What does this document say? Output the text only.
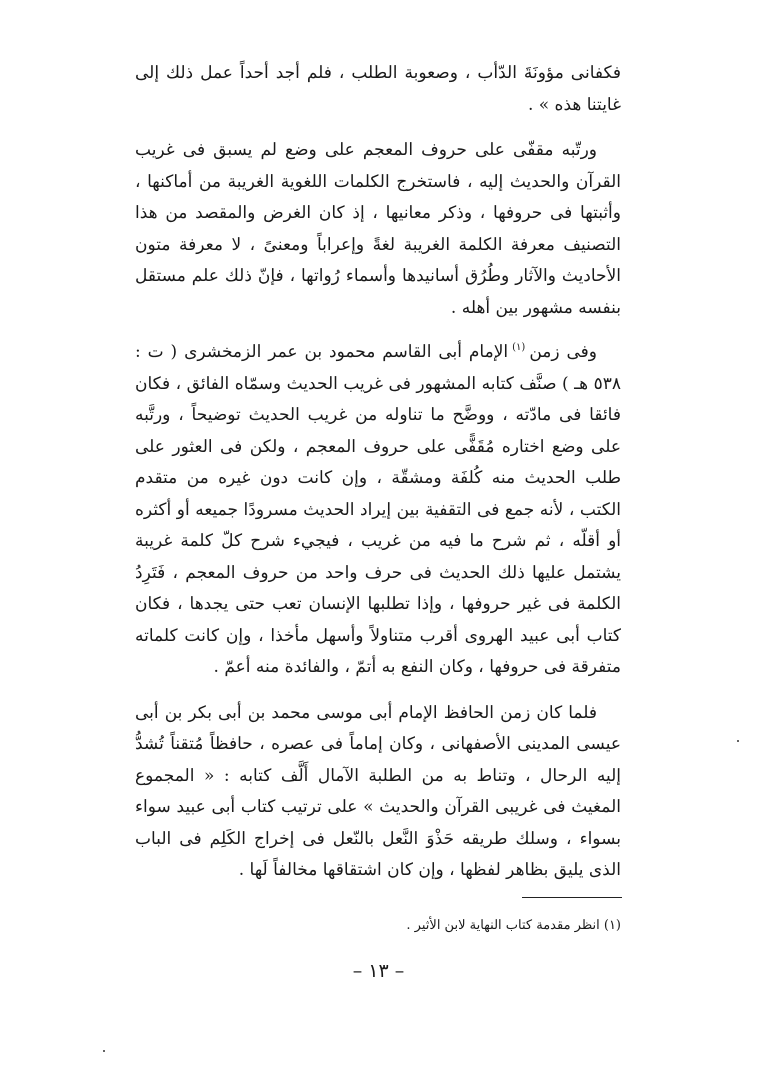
فكفانى مؤونَةَ الدّأب ، وصعوبة الطلب ، فلم أجد أحداً عمل ذلك إلى غايتنا هذه » .

ورتّبه مقفّى على حروف المعجم على وضع لم يسبق فى غريب القرآن والحديث إليه ، فاستخرج الكلمات اللغوية الغريبة من أماكنها ، وأثبتها فى حروفها ، وذكر معانيها ، إذ كان الغرض والمقصد من هذا التصنيف معرفة الكلمة الغريبة لغةً وإعراباً ومعنىً ، لا معرفة متون الأحاديث والآثار وطُرُق أسانيدها وأسماء رُواتها ، فإنّ ذلك علم مستقل بنفسه مشهور بين أهله .

وفى زمن$^{(١)}$الإمام أبى القاسم محمود بن عمر الزمخشرى ( ت : ٥٣٨ هـ ) صنَّف كتابه المشهور فى غريب الحديث وسمّاه الفائق ، فكان فائقا فى مادّته ، ووضَّح ما تناوله من غريب الحديث توضيحاً ، ورتَّبه على وضع اختاره مُقَفًّى على حروف المعجم ، ولكن فى العثور على طلب الحديث منه كُلفَة ومشقّة ، وإن كانت دون غيره من متقدم الكتب ، لأنه جمع فى التقفية بين إيراد الحديث مسرودًا جميعه أو أكثره أو أقلّه ، ثم شرح ما فيه من غريب ، فيجيء شرح كلّ كلمة غريبة يشتمل عليها ذلك الحديث فى حرف واحد من حروف المعجم ، فَتَرِدُ الكلمة فى غير حروفها ، وإذا تطلبها الإنسان تعب حتى يجدها ، فكان كتاب أبى عبيد الهروى أقرب متناولاً وأسهل مأخذا ، وإن كانت كلماته متفرقة فى حروفها ، وكان النفع به أتمّ ، والفائدة منه أعمّ .

فلما كان زمن الحافظ الإمام أبى موسى محمد بن أبى بكر بن أبى عيسى المدينى الأصفهانى ، وكان إماماً فى عصره ، حافظاً مُتقناً تُشدُّ إليه الرحال ، وتناط به من الطلبة الآمال أَلَّف كتابه : « المجموع المغيث فى غريبى القرآن والحديث » على ترتيب كتاب أبى عبيد سواء بسواء ، وسلك طريقه حَذْوَ النَّعل بالنّعل فى إخراج الكَلِم فى الباب الذى يليق بظاهر لفظها ، وإن كان اشتقاقها مخالفاً لَها .

(١) انظر مقدمة كتاب النهاية لابن الأثير .
– ١٣ –
